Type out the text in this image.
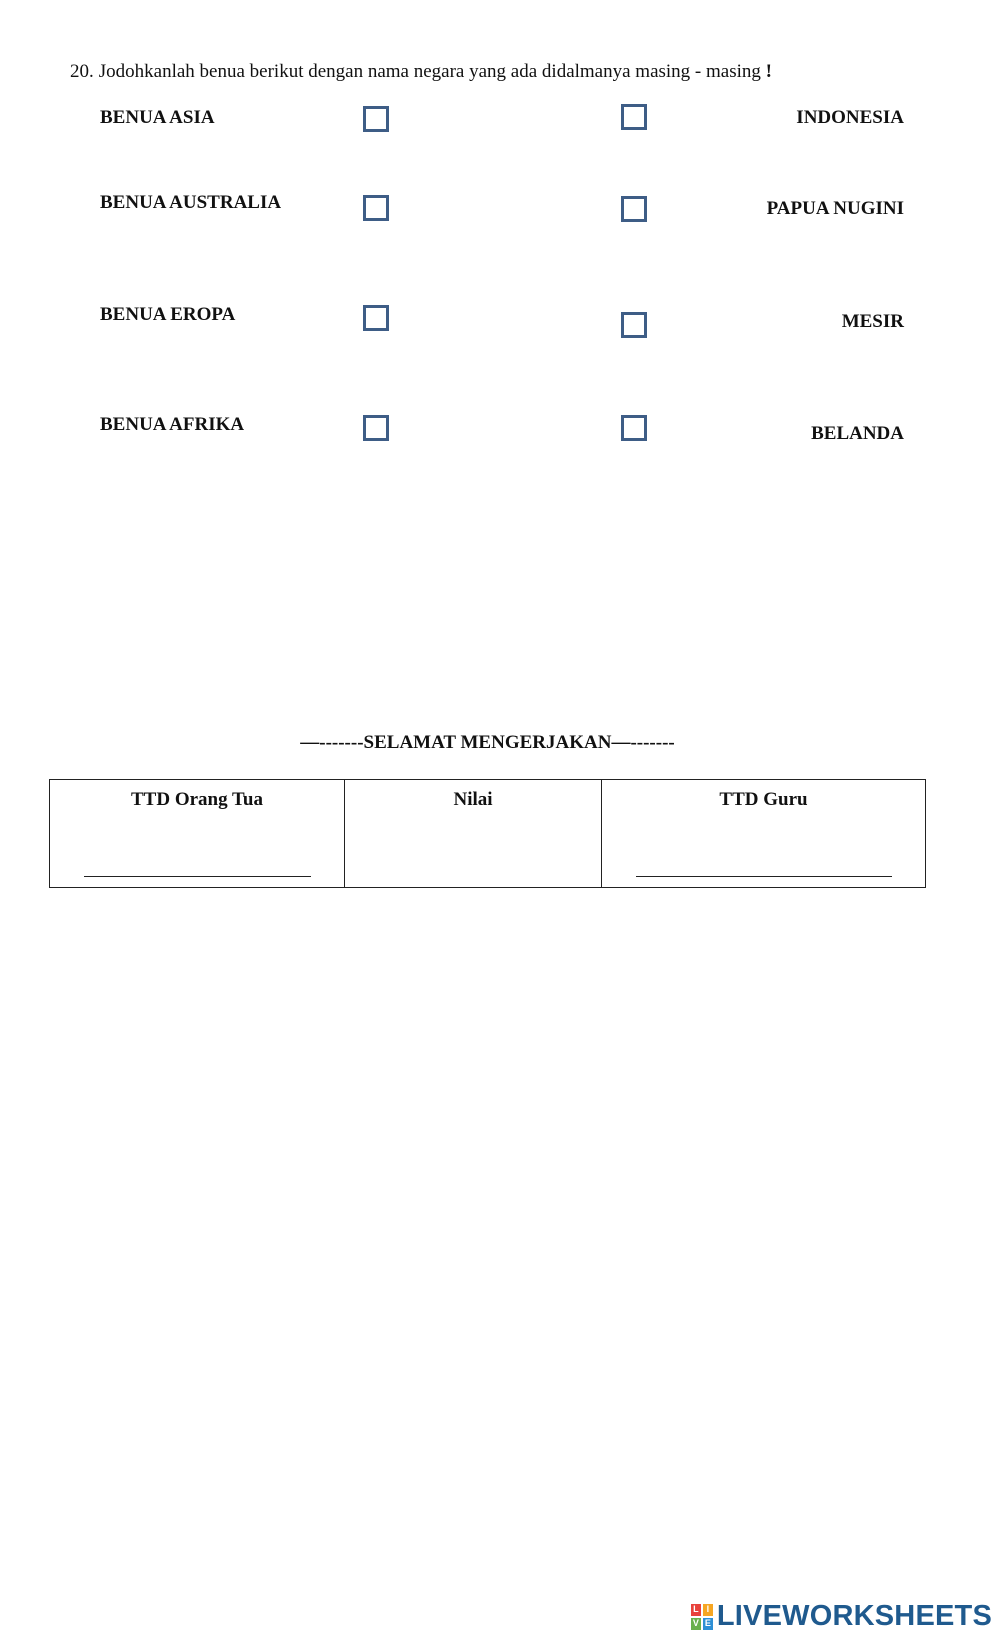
20. Jodohkanlah benua berikut dengan nama negara yang ada didalmanya masing - masing !
BENUA ASIA
BENUA AUSTRALIA
BENUA EROPA
BENUA AFRIKA
INDONESIA
PAPUA NUGINI
MESIR
BELANDA
—-------SELAMAT MENGERJAKAN—-------
TTD Orang Tua	Nilai	TTD Guru
L I
V E LIVEWORKSHEETS
